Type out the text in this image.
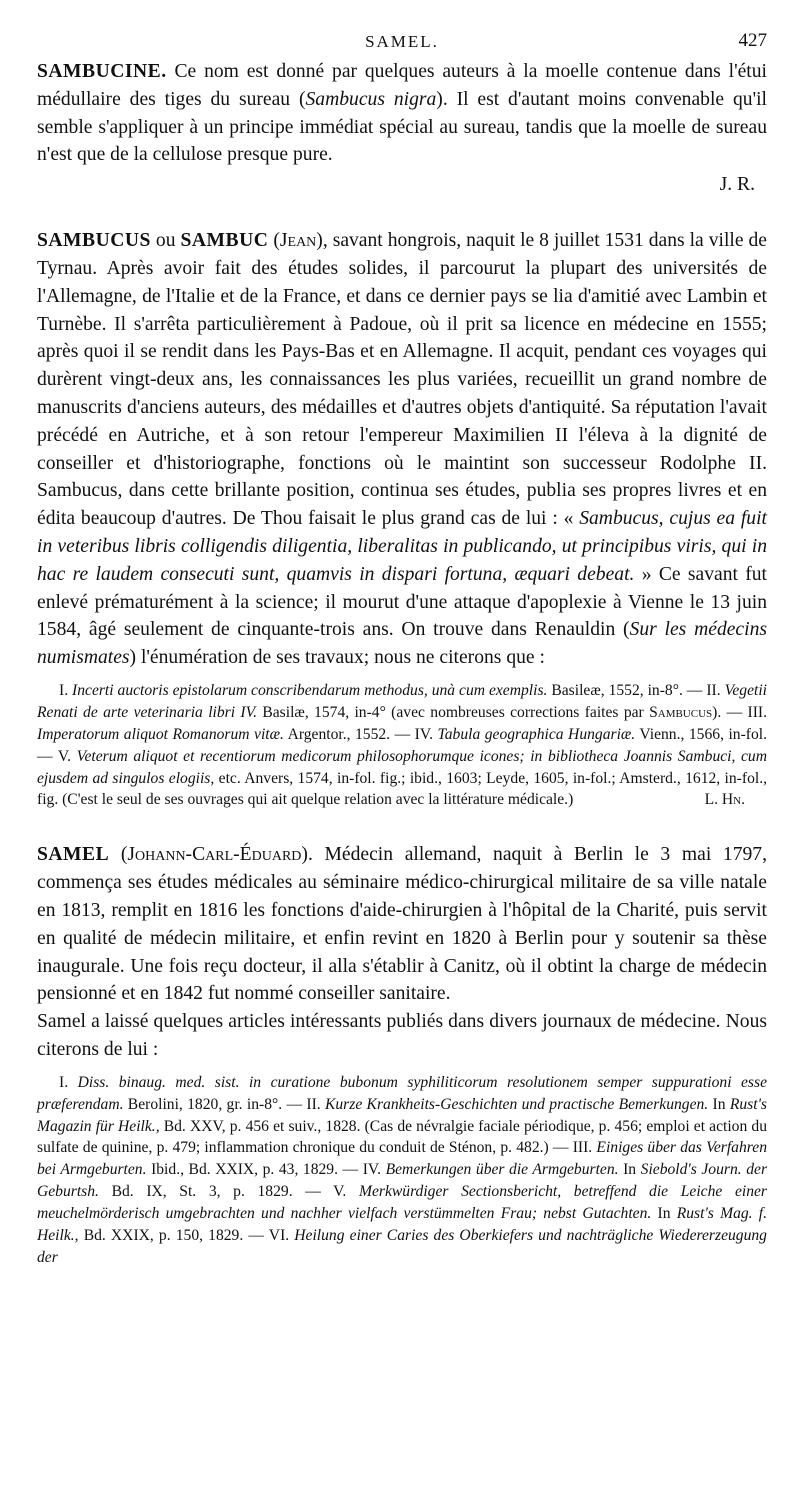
SAMEL.	427

SAMBUCINE. Ce nom est donné par quelques auteurs à la moelle contenue dans l'étui médullaire des tiges du sureau (Sambucus nigra). Il est d'autant moins convenable qu'il semble s'appliquer à un principe immédiat spécial au sureau, tandis que la moelle de sureau n'est que de la cellulose presque pure.

J. R.

SAMBUCUS ou SAMBUC (Jean), savant hongrois, naquit le 8 juillet 1531 dans la ville de Tyrnau. Après avoir fait des études solides, il parcourut la plupart des universités de l'Allemagne, de l'Italie et de la France, et dans ce dernier pays se lia d'amitié avec Lambin et Turnèbe. Il s'arrêta particulièrement à Padoue, où il prit sa licence en médecine en 1555; après quoi il se rendit dans les Pays-Bas et en Allemagne. Il acquit, pendant ces voyages qui durèrent vingt-deux ans, les connaissances les plus variées, recueillit un grand nombre de manuscrits d'anciens auteurs, des médailles et d'autres objets d'antiquité. Sa réputation l'avait précédé en Autriche, et à son retour l'empereur Maximilien II l'éleva à la dignité de conseiller et d'historiographe, fonctions où le maintint son successeur Rodolphe II. Sambucus, dans cette brillante position, continua ses études, publia ses propres livres et en édita beaucoup d'autres. De Thou faisait le plus grand cas de lui : « Sambucus, cujus ea fuit in veteribus libris colligendis diligentia, liberalitas in publicando, ut principibus viris, qui in hac re laudem consecuti sunt, quamvis in dispari fortuna, æquari debeat. » Ce savant fut enlevé prématurément à la science; il mourut d'une attaque d'apoplexie à Vienne le 13 juin 1584, âgé seulement de cinquante-trois ans. On trouve dans Renauldin (Sur les médecins numismates) l'énumération de ses travaux; nous ne citerons que :

I. Incerti auctoris epistolarum conscribendarum methodus, unà cum exemplis. Basileæ, 1552, in-8°. — II. Vegetii Renati de arte veterinaria libri IV. Basilæ, 1574, in-4° (avec nombreuses corrections faites par Sambucus). — III. Imperatorum aliquot Romanorum vitæ. Argentor., 1552. — IV. Tabula geographica Hungariæ. Vienn., 1566, in-fol. — V. Veterum aliquot et recentiorum medicorum philosophorumque icones; in bibliotheca Joannis Sambuci, cum ejusdem ad singulos elogiis, etc. Anvers, 1574, in-fol. fig.; ibid., 1603; Leyde, 1605, in-fol.; Amsterd., 1612, in-fol., fig. (C'est le seul de ses ouvrages qui ait quelque relation avec la littérature médicale.)	L. Hn.

SAMEL (Johann-Carl-Éduard). Médecin allemand, naquit à Berlin le 3 mai 1797, commença ses études médicales au séminaire médico-chirurgical militaire de sa ville natale en 1813, remplit en 1816 les fonctions d'aide-chirurgien à l'hôpital de la Charité, puis servit en qualité de médecin militaire, et enfin revint en 1820 à Berlin pour y soutenir sa thèse inaugurale. Une fois reçu docteur, il alla s'établir à Canitz, où il obtint la charge de médecin pensionné et en 1842 fut nommé conseiller sanitaire.

Samel a laissé quelques articles intéressants publiés dans divers journaux de médecine. Nous citerons de lui :

I. Diss. binaug. med. sist. in curatione bubonum syphiliticorum resolutionem semper suppurationi esse præferendam. Berolini, 1820, gr. in-8°. — II. Kurze Krankheits-Geschichten und practische Bemerkungen. In Rust's Magazin für Heilk., Bd. XXV, p. 456 et suiv., 1828. (Cas de névralgie faciale périodique, p. 456; emploi et action du sulfate de quinine, p. 479; inflammation chronique du conduit de Sténon, p. 482.) — III. Einiges über das Verfahren bei Armgeburten. Ibid., Bd. XXIX, p. 43, 1829. — IV. Bemerkungen über die Armgeburten. In Siebold's Journ. der Geburtsh. Bd. IX, St. 3, p. 1829. — V. Merkwürdiger Sectionsbericht, betreffend die Leiche einer meuchelmörderisch umgebrachten und nachher vielfach verstümmelten Frau; nebst Gutachten. In Rust's Mag. f. Heilk., Bd. XXIX, p. 150, 1829. — VI. Heilung einer Caries des Oberkiefers und nachträgliche Wiedererzeugung der
